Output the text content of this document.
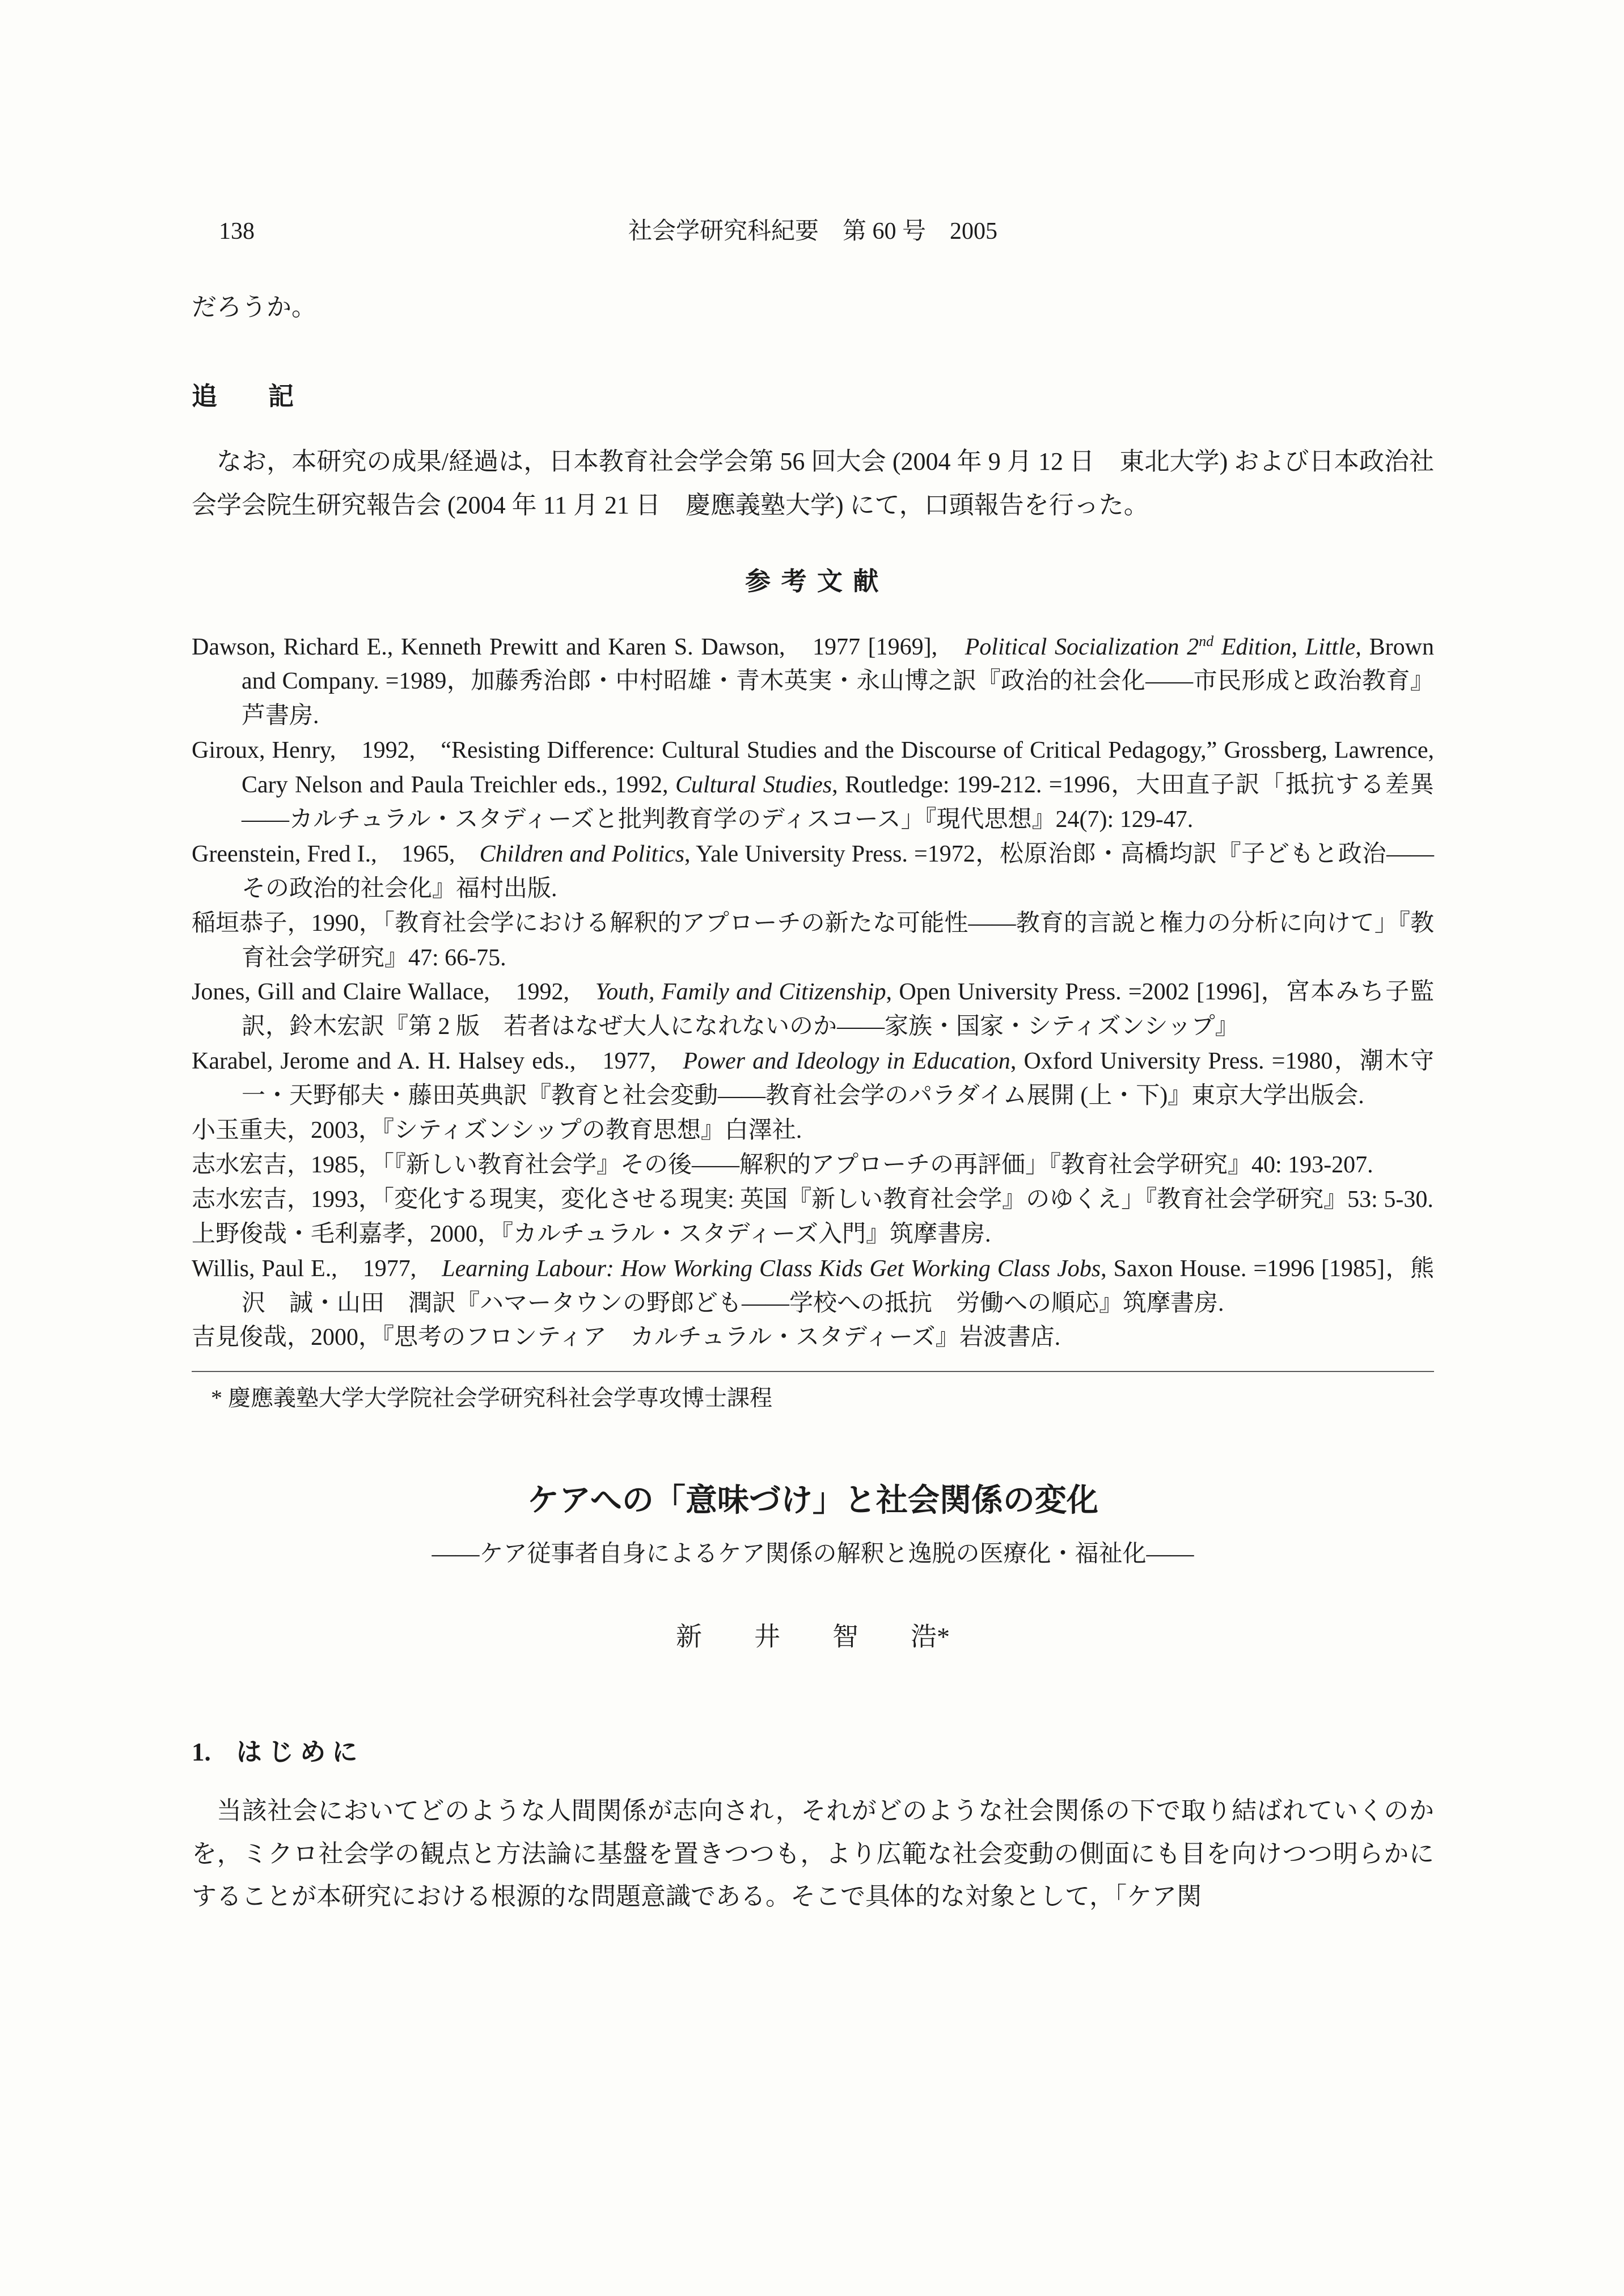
138	社会学研究科紀要　第 60 号　2005

だろうか。

追　　記

なお，本研究の成果/経過は，日本教育社会学会第 56 回大会 (2004 年 9 月 12 日　東北大学) および日本政治社会学会院生研究報告会 (2004 年 11 月 21 日　慶應義塾大学) にて，口頭報告を行った。

参 考 文 献
Dawson, Richard E., Kenneth Prewitt and Karen S. Dawson,　1977 [1969],　Political Socialization 2nd Edition, Little, Brown and Company. =1989，加藤秀治郎・中村昭雄・青木英実・永山博之訳『政治的社会化——市民形成と政治教育』芦書房.
Giroux, Henry,　1992,　“Resisting Difference: Cultural Studies and the Discourse of Critical Pedagogy,” Grossberg, Lawrence, Cary Nelson and Paula Treichler eds., 1992, Cultural Studies, Routledge: 199-212. =1996，大田直子訳「抵抗する差異——カルチュラル・スタディーズと批判教育学のディスコース」『現代思想』24(7): 129-47.
Greenstein, Fred I.,　1965,　Children and Politics, Yale University Press. =1972，松原治郎・高橋均訳『子どもと政治——その政治的社会化』福村出版.
稲垣恭子，1990，「教育社会学における解釈的アプローチの新たな可能性——教育的言説と権力の分析に向けて」『教育社会学研究』47: 66-75.
Jones, Gill and Claire Wallace,　1992,　Youth, Family and Citizenship, Open University Press. =2002 [1996]，宮本みち子監訳，鈴木宏訳『第 2 版　若者はなぜ大人になれないのか——家族・国家・シティズンシップ』
Karabel, Jerome and A. H. Halsey eds.,　1977,　Power and Ideology in Education, Oxford University Press. =1980，潮木守一・天野郁夫・藤田英典訳『教育と社会変動——教育社会学のパラダイム展開 (上・下)』東京大学出版会.
小玉重夫，2003，『シティズンシップの教育思想』白澤社.
志水宏吉，1985，「『新しい教育社会学』その後——解釈的アプローチの再評価」『教育社会学研究』40: 193-207.
志水宏吉，1993，「変化する現実，変化させる現実: 英国『新しい教育社会学』のゆくえ」『教育社会学研究』53: 5-30.
上野俊哉・毛利嘉孝，2000，『カルチュラル・スタディーズ入門』筑摩書房.
Willis, Paul E.,　1977,　Learning Labour: How Working Class Kids Get Working Class Jobs, Saxon House. =1996 [1985]，熊沢　誠・山田　潤訳『ハマータウンの野郎ども——学校への抵抗　労働への順応』筑摩書房.
吉見俊哉，2000，『思考のフロンティア　カルチュラル・スタディーズ』岩波書店.

* 慶應義塾大学大学院社会学研究科社会学専攻博士課程

ケアへの「意味づけ」と社会関係の変化
——ケア従事者自身によるケア関係の解釈と逸脱の医療化・福祉化——
新　　井　　智　　浩*
1.　は じ め に

当該社会においてどのような人間関係が志向され，それがどのような社会関係の下で取り結ばれていくのかを，ミクロ社会学の観点と方法論に基盤を置きつつも，より広範な社会変動の側面にも目を向けつつ明らかにすることが本研究における根源的な問題意識である。そこで具体的な対象として，「ケア関
